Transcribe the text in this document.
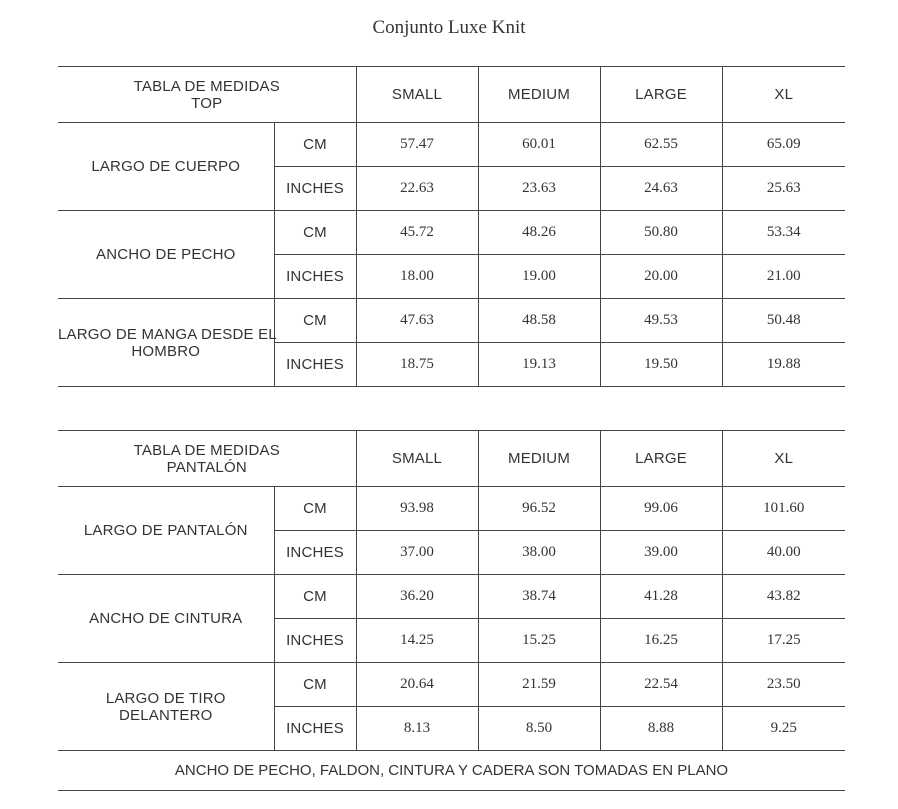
Conjunto Luxe Knit
TABLA DE MEDIDAS
TOP		SMALL	MEDIUM	LARGE	XL
LARGO DE CUERPO	CM	57.47	60.01	62.55	65.09
	INCHES	22.63	23.63	24.63	25.63
ANCHO DE PECHO	CM	45.72	48.26	50.80	53.34
	INCHES	18.00	19.00	20.00	21.00
LARGO DE MANGA DESDE EL
HOMBRO	CM	47.63	48.58	49.53	50.48
	INCHES	18.75	19.13	19.50	19.88
TABLA DE MEDIDAS
PANTALÓN		SMALL	MEDIUM	LARGE	XL
LARGO DE PANTALÓN	CM	93.98	96.52	99.06	101.60
	INCHES	37.00	38.00	39.00	40.00
ANCHO DE CINTURA	CM	36.20	38.74	41.28	43.82
	INCHES	14.25	15.25	16.25	17.25
LARGO DE TIRO
DELANTERO	CM	20.64	21.59	22.54	23.50
	INCHES	8.13	8.50	8.88	9.25
ANCHO DE PECHO, FALDON, CINTURA Y CADERA SON TOMADAS EN PLANO
